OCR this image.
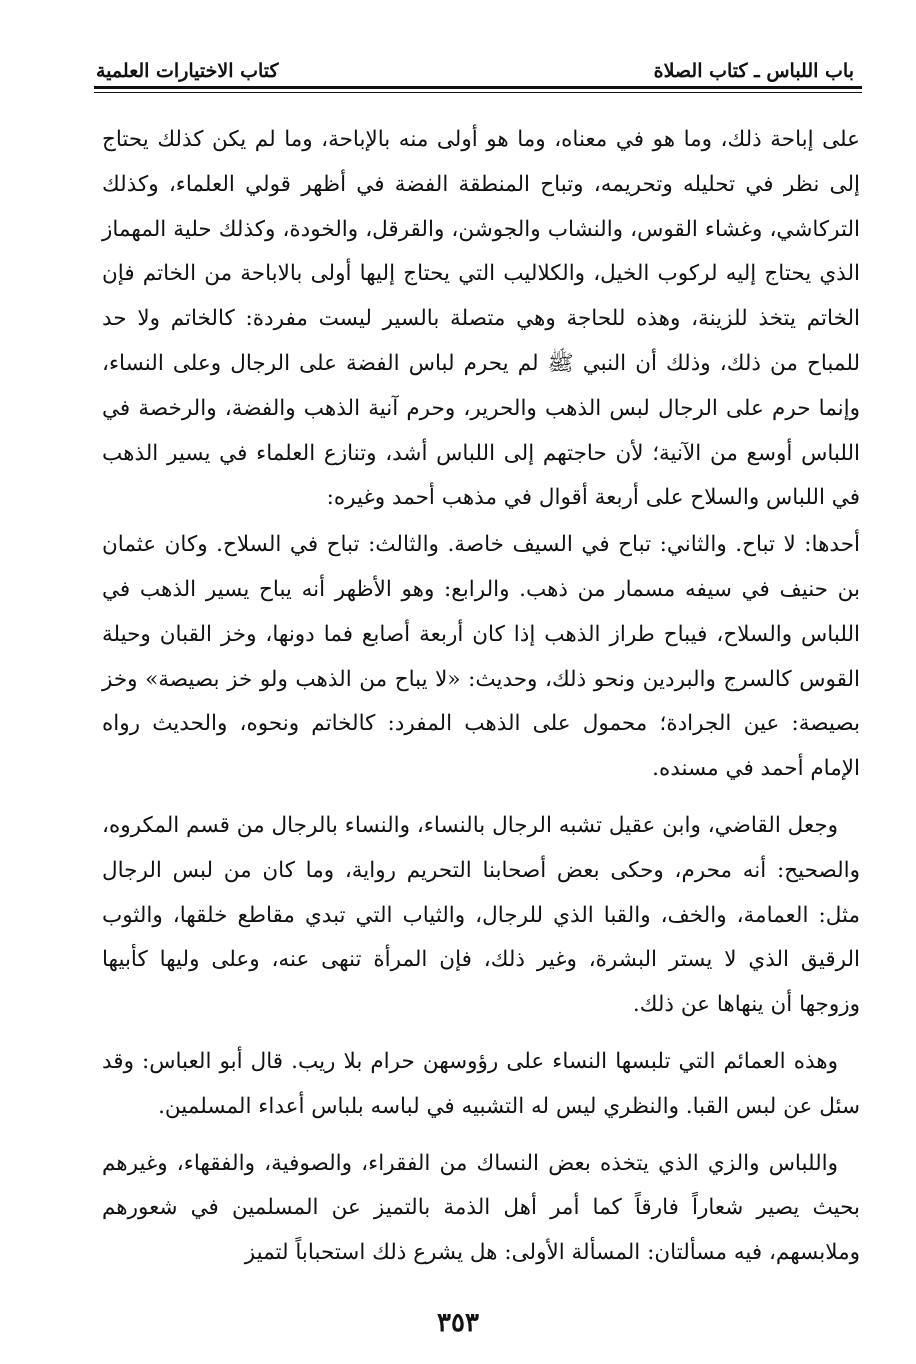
باب اللباس ـ كتاب الصلاة
كتاب الاختيارات العلمية

على إباحة ذلك، وما هو في معناه، وما هو أولى منه بالإباحة، وما لم يكن كذلك يحتاج إلى نظر في تحليله وتحريمه، وتباح المنطقة الفضة في أظهر قولي العلماء، وكذلك التركاشي، وغشاء القوس، والنشاب والجوشن، والقرقل، والخودة، وكذلك حلية المهماز الذي يحتاج إليه لركوب الخيل، والكلاليب التي يحتاج إليها أولى بالاباحة من الخاتم فإن الخاتم يتخذ للزينة، وهذه للحاجة وهي متصلة بالسير ليست مفردة: كالخاتم ولا حد للمباح من ذلك، وذلك أن النبي ﷺ لم يحرم لباس الفضة على الرجال وعلى النساء، وإنما حرم على الرجال لبس الذهب والحرير، وحرم آنية الذهب والفضة، والرخصة في اللباس أوسع من الآنية؛ لأن حاجتهم إلى اللباس أشد، وتنازع العلماء في يسير الذهب في اللباس والسلاح على أربعة أقوال في مذهب أحمد وغيره:

أحدها: لا تباح. والثاني: تباح في السيف خاصة. والثالث: تباح في السلاح. وكان عثمان بن حنيف في سيفه مسمار من ذهب. والرابع: وهو الأظهر أنه يباح يسير الذهب في اللباس والسلاح، فيباح طراز الذهب إذا كان أربعة أصابع فما دونها، وخز القبان وحيلة القوس كالسرج والبردين ونحو ذلك، وحديث: «لا يباح من الذهب ولو خز بصيصة» وخز بصيصة: عين الجرادة؛ محمول على الذهب المفرد: كالخاتم ونحوه، والحديث رواه الإمام أحمد في مسنده.

وجعل القاضي، وابن عقيل تشبه الرجال بالنساء، والنساء بالرجال من قسم المكروه، والصحيح: أنه محرم، وحكى بعض أصحابنا التحريم رواية، وما كان من لبس الرجال مثل: العمامة، والخف، والقبا الذي للرجال، والثياب التي تبدي مقاطع خلقها، والثوب الرقيق الذي لا يستر البشرة، وغير ذلك، فإن المرأة تنهى عنه، وعلى وليها كأبيها وزوجها أن ينهاها عن ذلك.

وهذه العمائم التي تلبسها النساء على رؤوسهن حرام بلا ريب. قال أبو العباس: وقد سئل عن لبس القبا. والنظري ليس له التشبيه في لباسه بلباس أعداء المسلمين.

واللباس والزي الذي يتخذه بعض النساك من الفقراء، والصوفية، والفقهاء، وغيرهم بحيث يصير شعاراً فارقاً كما أمر أهل الذمة بالتميز عن المسلمين في شعورهم وملابسهم، فيه مسألتان: المسألة الأولى: هل يشرع ذلك استحباباً لتميز

٣٥٣
